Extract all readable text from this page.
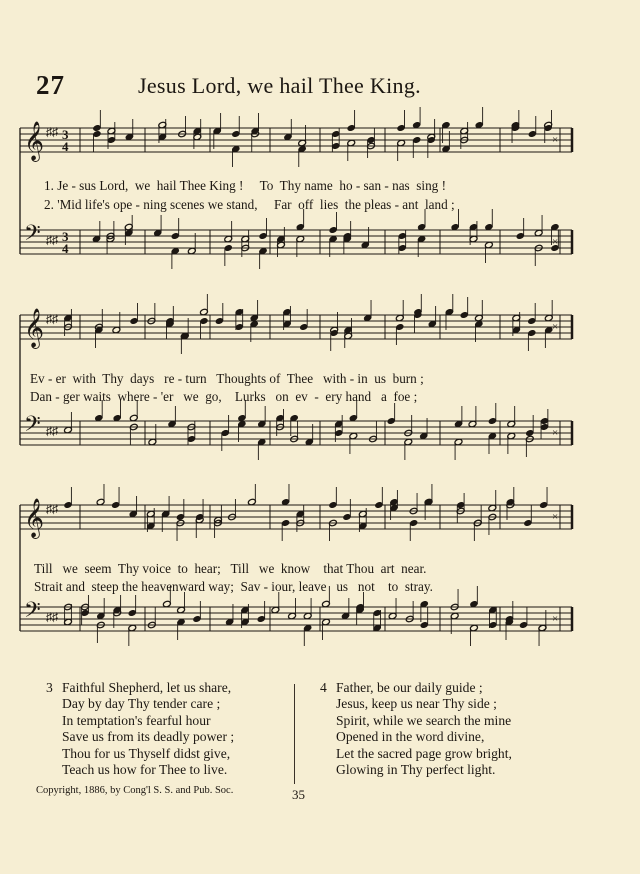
27	Jesus Lord, we hail Thee King.
𝄞 ♯♯ 3
4	×
𝄢 ♯♯ 3
4	×
1. Je - sus Lord,  we  hail Thee King !     To  Thy name  ho - san - nas  sing !
2. 'Mid life's ope - ning scenes we stand,     Far  off  lies  the pleas - ant  land ;
𝄞 ♯♯
×
𝄢 ♯♯	×
Ev - er  with  Thy  days   re - turn   Thoughts of  Thee   with - in  us  burn ;
Dan - ger waits  where - 'er   we  go,    Lurks   on  ev  -  ery hand   a  foe ;
𝄞 ♯♯
×
𝄢 ♯♯	×
Till   we  seem  Thy voice  to  hear;   Till   we  know    that Thou  art  near.
Strait and  steep the heavenward way;  Sav - iour, leave   us   not    to  stray.
3 Faithful Shepherd, let us share,
Day by day Thy tender care ;
In temptation's fearful hour
Save us from its deadly power ;
Thou for us Thyself didst give,
Teach us how for Thee to live.
4 Father, be our daily guide ;
Jesus, keep us near Thy side ;
Spirit, while we search the mine
Opened in the word divine,
Let the sacred page grow bright,
Glowing in Thy perfect light.
Copyright, 1886, by Cong'l S. S. and Pub. Soc.	35
